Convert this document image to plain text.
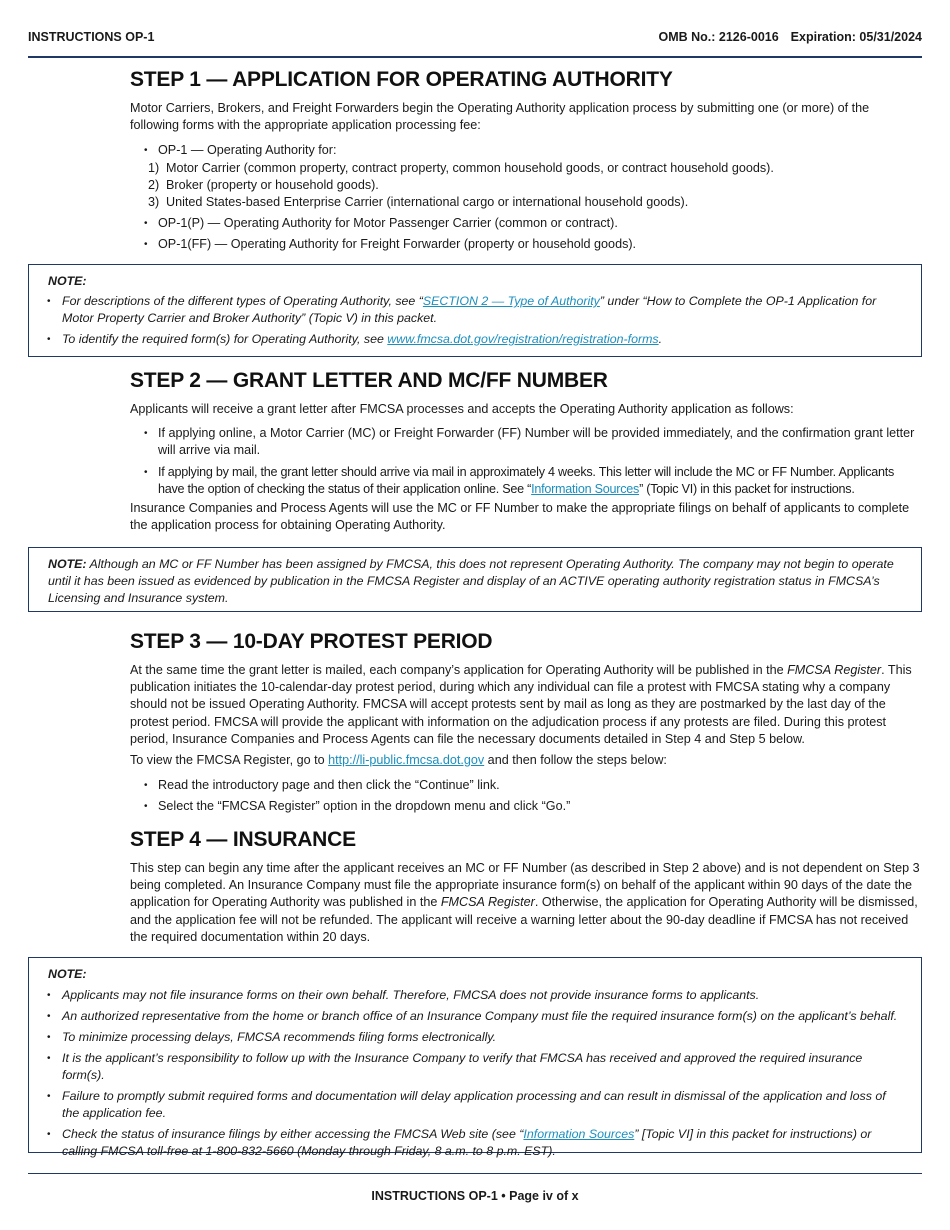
INSTRUCTIONS OP-1	OMB No.: 2126-0016 Expiration: 05/31/2024
STEP 1 — APPLICATION FOR OPERATING AUTHORITY

Motor Carriers, Brokers, and Freight Forwarders begin the Operating Authority application process by submitting one (or more) of the following forms with the appropriate application processing fee:

• OP-1 — Operating Authority for:
1) Motor Carrier (common property, contract property, common household goods, or contract household goods).
2) Broker (property or household goods).
3) United States-based Enterprise Carrier (international cargo or international household goods).
• OP-1(P) — Operating Authority for Motor Passenger Carrier (common or contract).
• OP-1(FF) — Operating Authority for Freight Forwarder (property or household goods).
NOTE:
• For descriptions of the different types of Operating Authority, see “SECTION 2 — Type of Authority” under “How to Complete the OP-1 Application for Motor Property Carrier and Broker Authority” (Topic V) in this packet.
• To identify the required form(s) for Operating Authority, see www.fmcsa.dot.gov/registration/registration-forms.
STEP 2 — GRANT LETTER AND MC/FF NUMBER

Applicants will receive a grant letter after FMCSA processes and accepts the Operating Authority application as follows:

• If applying online, a Motor Carrier (MC) or Freight Forwarder (FF) Number will be provided immediately, and the confirmation grant letter will arrive via mail.
• If applying by mail, the grant letter should arrive via mail in approximately 4 weeks. This letter will include the MC or FF Number. Applicants have the option of checking the status of their application online. See “Information Sources” (Topic VI) in this packet for instructions.

Insurance Companies and Process Agents will use the MC or FF Number to make the appropriate filings on behalf of applicants to complete the application process for obtaining Operating Authority.

NOTE: Although an MC or FF Number has been assigned by FMCSA, this does not represent Operating Authority. The company may not begin to operate until it has been issued as evidenced by publication in the FMCSA Register and display of an ACTIVE operating authority registration status in FMCSA’s Licensing and Insurance system.
STEP 3 — 10-DAY PROTEST PERIOD

At the same time the grant letter is mailed, each company’s application for Operating Authority will be published in the FMCSA Register. This publication initiates the 10-calendar-day protest period, during which any individual can file a protest with FMCSA stating why a company should not be issued Operating Authority. FMCSA will accept protests sent by mail as long as they are postmarked by the last day of the protest period. FMCSA will provide the applicant with information on the adjudication process if any protests are filed. During this protest period, Insurance Companies and Process Agents can file the necessary documents detailed in Step 4 and Step 5 below.

To view the FMCSA Register, go to http://li-public.fmcsa.dot.gov and then follow the steps below:

• Read the introductory page and then click the “Continue” link.
• Select the “FMCSA Register” option in the dropdown menu and click “Go.”
STEP 4 — INSURANCE

This step can begin any time after the applicant receives an MC or FF Number (as described in Step 2 above) and is not dependent on Step 3 being completed. An Insurance Company must file the appropriate insurance form(s) on behalf of the applicant within 90 days of the date the application for Operating Authority was published in the FMCSA Register. Otherwise, the application for Operating Authority will be dismissed, and the application fee will not be refunded. The applicant will receive a warning letter about the 90-day deadline if FMCSA has not received the required documentation within 20 days.

NOTE:
• Applicants may not file insurance forms on their own behalf. Therefore, FMCSA does not provide insurance forms to applicants.
• An authorized representative from the home or branch office of an Insurance Company must file the required insurance form(s) on the applicant’s behalf.
• To minimize processing delays, FMCSA recommends filing forms electronically.
• It is the applicant’s responsibility to follow up with the Insurance Company to verify that FMCSA has received and approved the required insurance form(s).
• Failure to promptly submit required forms and documentation will delay application processing and can result in dismissal of the application and loss of the application fee.
• Check the status of insurance filings by either accessing the FMCSA Web site (see “Information Sources” [Topic VI] in this packet for instructions) or calling FMCSA toll-free at 1-800-832-5660 (Monday through Friday, 8 a.m. to 8 p.m. EST).
INSTRUCTIONS OP-1 • Page iv of x
